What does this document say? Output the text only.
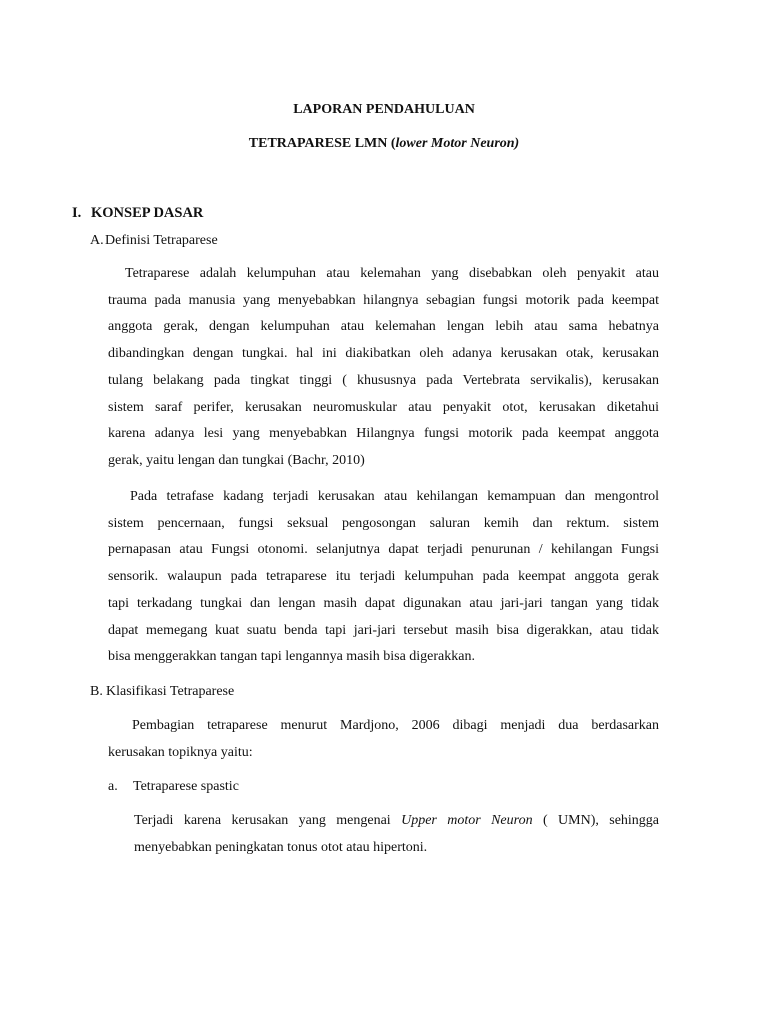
LAPORAN PENDAHULUAN
TETRAPARESE LMN (lower Motor Neuron)
I. KONSEP DASAR
A. Definisi Tetraparese
Tetraparese adalah kelumpuhan atau kelemahan yang disebabkan oleh penyakit atau
trauma pada manusia yang menyebabkan hilangnya sebagian fungsi motorik pada keempat
anggota gerak, dengan kelumpuhan atau kelemahan lengan lebih atau sama hebatnya
dibandingkan dengan tungkai. hal ini diakibatkan oleh adanya kerusakan otak, kerusakan
tulang belakang pada tingkat tinggi ( khususnya pada Vertebrata servikalis), kerusakan
sistem saraf perifer, kerusakan neuromuskular atau penyakit otot, kerusakan diketahui
karena adanya lesi yang menyebabkan Hilangnya fungsi motorik pada keempat anggota
gerak, yaitu lengan dan tungkai (Bachr, 2010)
Pada tetrafase kadang terjadi kerusakan atau kehilangan kemampuan dan mengontrol
sistem pencernaan, fungsi seksual pengosongan saluran kemih dan rektum. sistem
pernapasan atau Fungsi otonomi. selanjutnya dapat terjadi penurunan / kehilangan Fungsi
sensorik. walaupun pada tetraparese itu terjadi kelumpuhan pada keempat anggota gerak
tapi terkadang tungkai dan lengan masih dapat digunakan atau jari-jari tangan yang tidak
dapat memegang kuat suatu benda tapi jari-jari tersebut masih bisa digerakkan, atau tidak
bisa menggerakkan tangan tapi lengannya masih bisa digerakkan.
B. Klasifikasi Tetraparese
Pembagian tetraparese menurut Mardjono, 2006 dibagi menjadi dua berdasarkan
kerusakan topiknya yaitu:
a. Tetraparese spastic
Terjadi karena kerusakan yang mengenai Upper motor Neuron ( UMN), sehingga
menyebabkan peningkatan tonus otot atau hipertoni.
